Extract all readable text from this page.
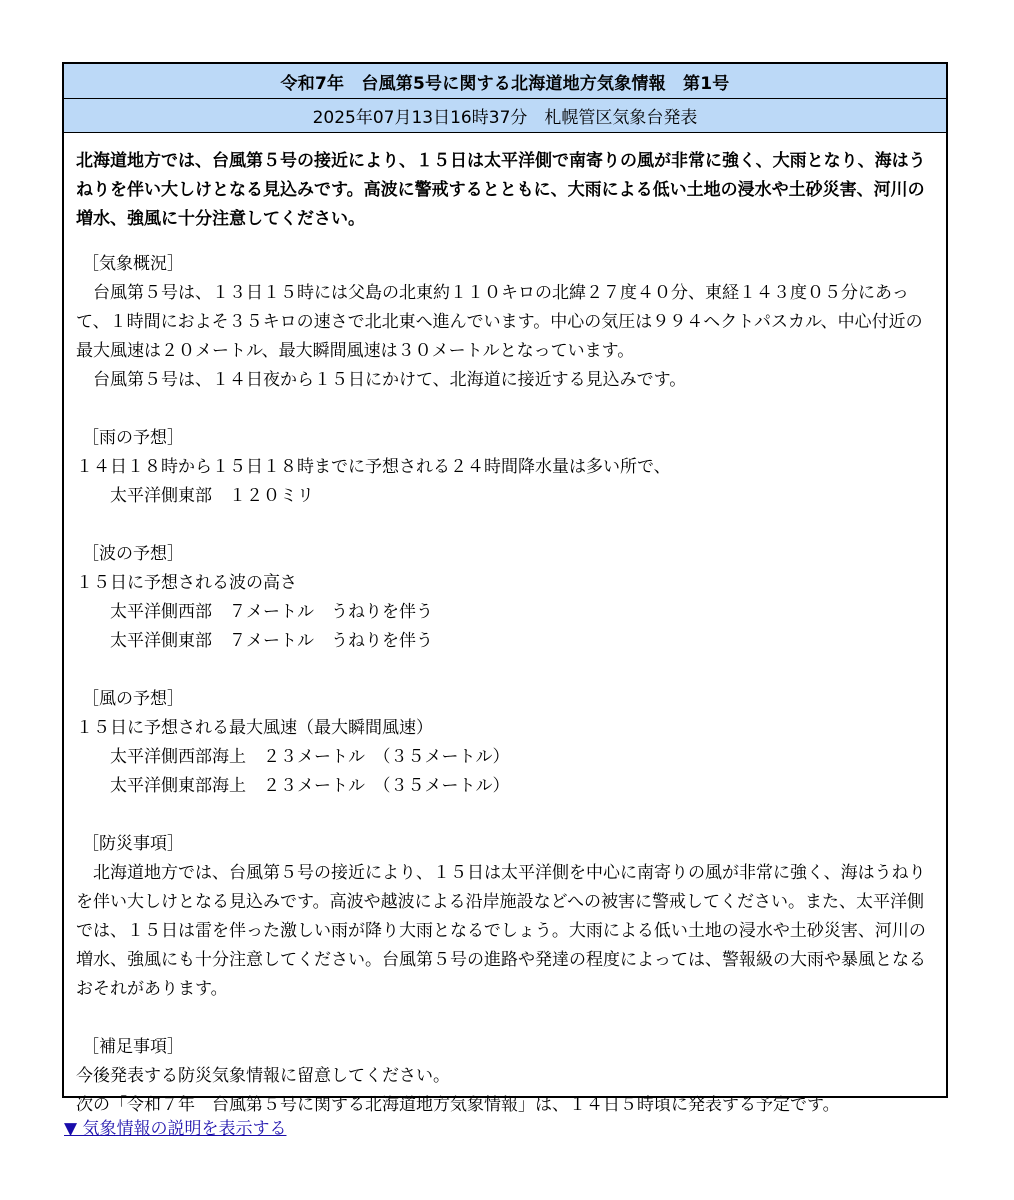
令和7年　台風第5号に関する北海道地方気象情報　第1号
2025年07月13日16時37分　札幌管区気象台発表

北海道地方では、台風第５号の接近により、１５日は太平洋側で南寄りの風が非常に強く、大雨となり、海はうねりを伴い大しけとなる見込みです。高波に警戒するとともに、大雨による低い土地の浸水や土砂災害、河川の増水、強風に十分注意してください。

［気象概況］

台風第５号は、１３日１５時には父島の北東約１１０キロの北緯２７度４０分、東経１４３度０５分にあって、１時間におよそ３５キロの速さで北北東へ進んでいます。中心の気圧は９９４ヘクトパスカル、中心付近の最大風速は２０メートル、最大瞬間風速は３０メートルとなっています。

台風第５号は、１４日夜から１５日にかけて、北海道に接近する見込みです。

［雨の予想］
１４日１８時から１５日１８時までに予想される２４時間降水量は多い所で、
太平洋側東部　１２０ミリ
［波の予想］
１５日に予想される波の高さ
太平洋側西部　７メートル　うねりを伴う
太平洋側東部　７メートル　うねりを伴う
［風の予想］
１５日に予想される最大風速（最大瞬間風速）
太平洋側西部海上　２３メートル　（３５メートル）
太平洋側東部海上　２３メートル　（３５メートル）
［防災事項］

北海道地方では、台風第５号の接近により、１５日は太平洋側を中心に南寄りの風が非常に強く、海はうねりを伴い大しけとなる見込みです。高波や越波による沿岸施設などへの被害に警戒してください。また、太平洋側では、１５日は雷を伴った激しい雨が降り大雨となるでしょう。大雨による低い土地の浸水や土砂災害、河川の増水、強風にも十分注意してください。台風第５号の進路や発達の程度によっては、警報級の大雨や暴風となるおそれがあります。

［補足事項］
今後発表する防災気象情報に留意してください。
次の「令和７年　台風第５号に関する北海道地方気象情報」は、１４日５時頃に発表する予定です。
▼ 気象情報の説明を表示する
